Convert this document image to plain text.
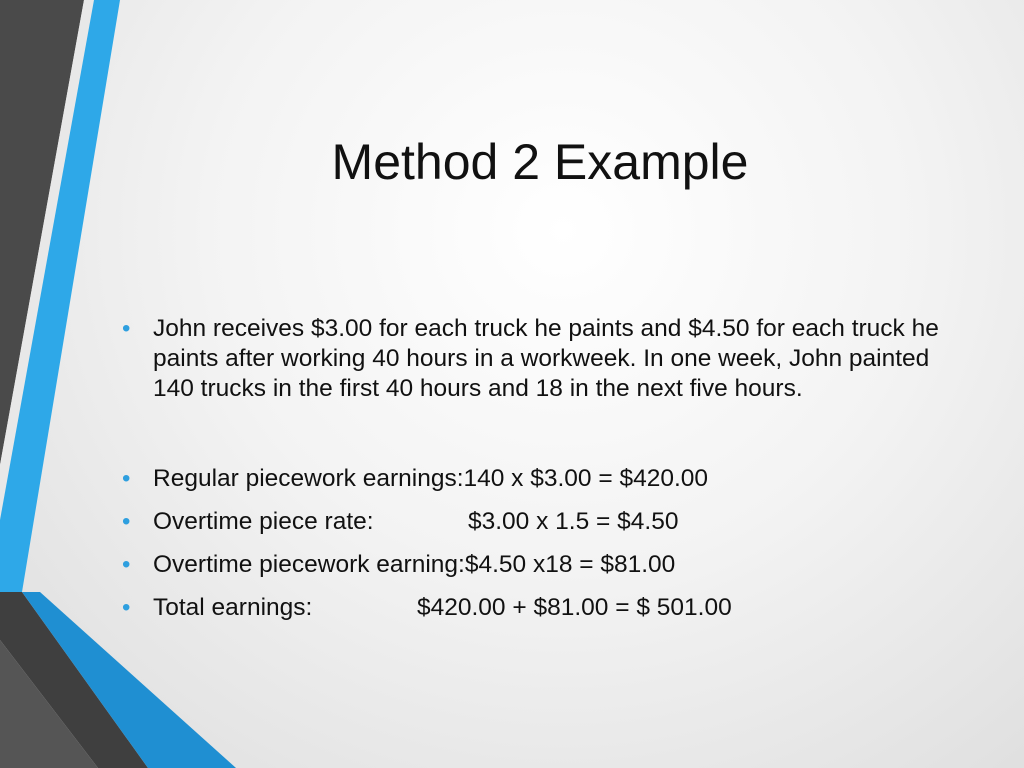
Method 2 Example
• John receives $3.00 for each truck he paints and $4.50 for each truck he paints after working 40 hours in a workweek. In one week, John painted 140 trucks in the first 40 hours and 18 in the next five hours.
• Regular piecework earnings:140 x $3.00 = $420.00
• Overtime piece rate:	$3.00 x 1.5 = $4.50
• Overtime piecework earning:$4.50 x18 = $81.00
• Total earnings:	$420.00 + $81.00 = $ 501.00
